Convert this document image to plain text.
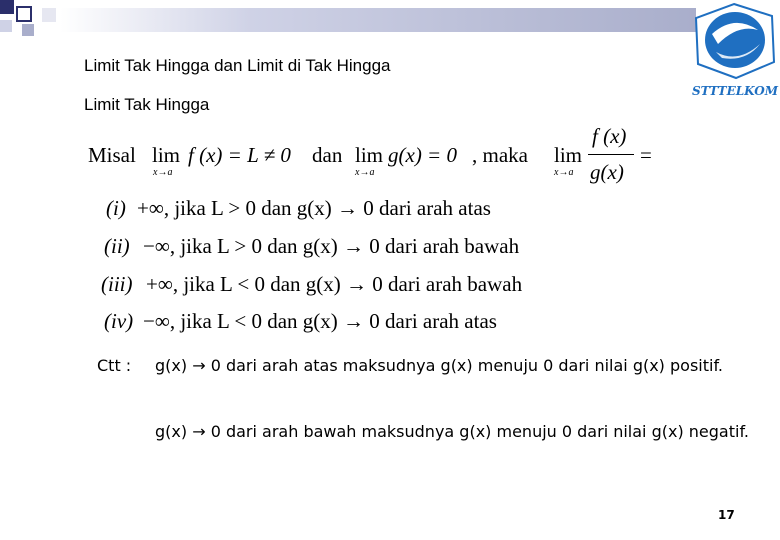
STTTELKOM
Limit Tak Hingga dan Limit di Tak Hingga
Limit Tak Hingga
Misal lim
x→a
f (x) = L ≠ 0 dan lim
x→a
g(x) = 0 , maka lim
x→a
f (x)
g(x)
=
(i) +∞, jika L > 0 dan g(x) → 0 dari arah atas
(ii) −∞, jika L > 0 dan g(x) → 0 dari arah bawah
(iii) +∞, jika L < 0 dan g(x) → 0 dari arah bawah
(iv) −∞, jika L < 0 dan g(x) → 0 dari arah atas
Ctt : g(x) → 0 dari arah atas maksudnya g(x) menuju 0 dari nilai g(x) positif.
g(x) → 0 dari arah bawah maksudnya g(x) menuju 0 dari nilai g(x) negatif.
17
